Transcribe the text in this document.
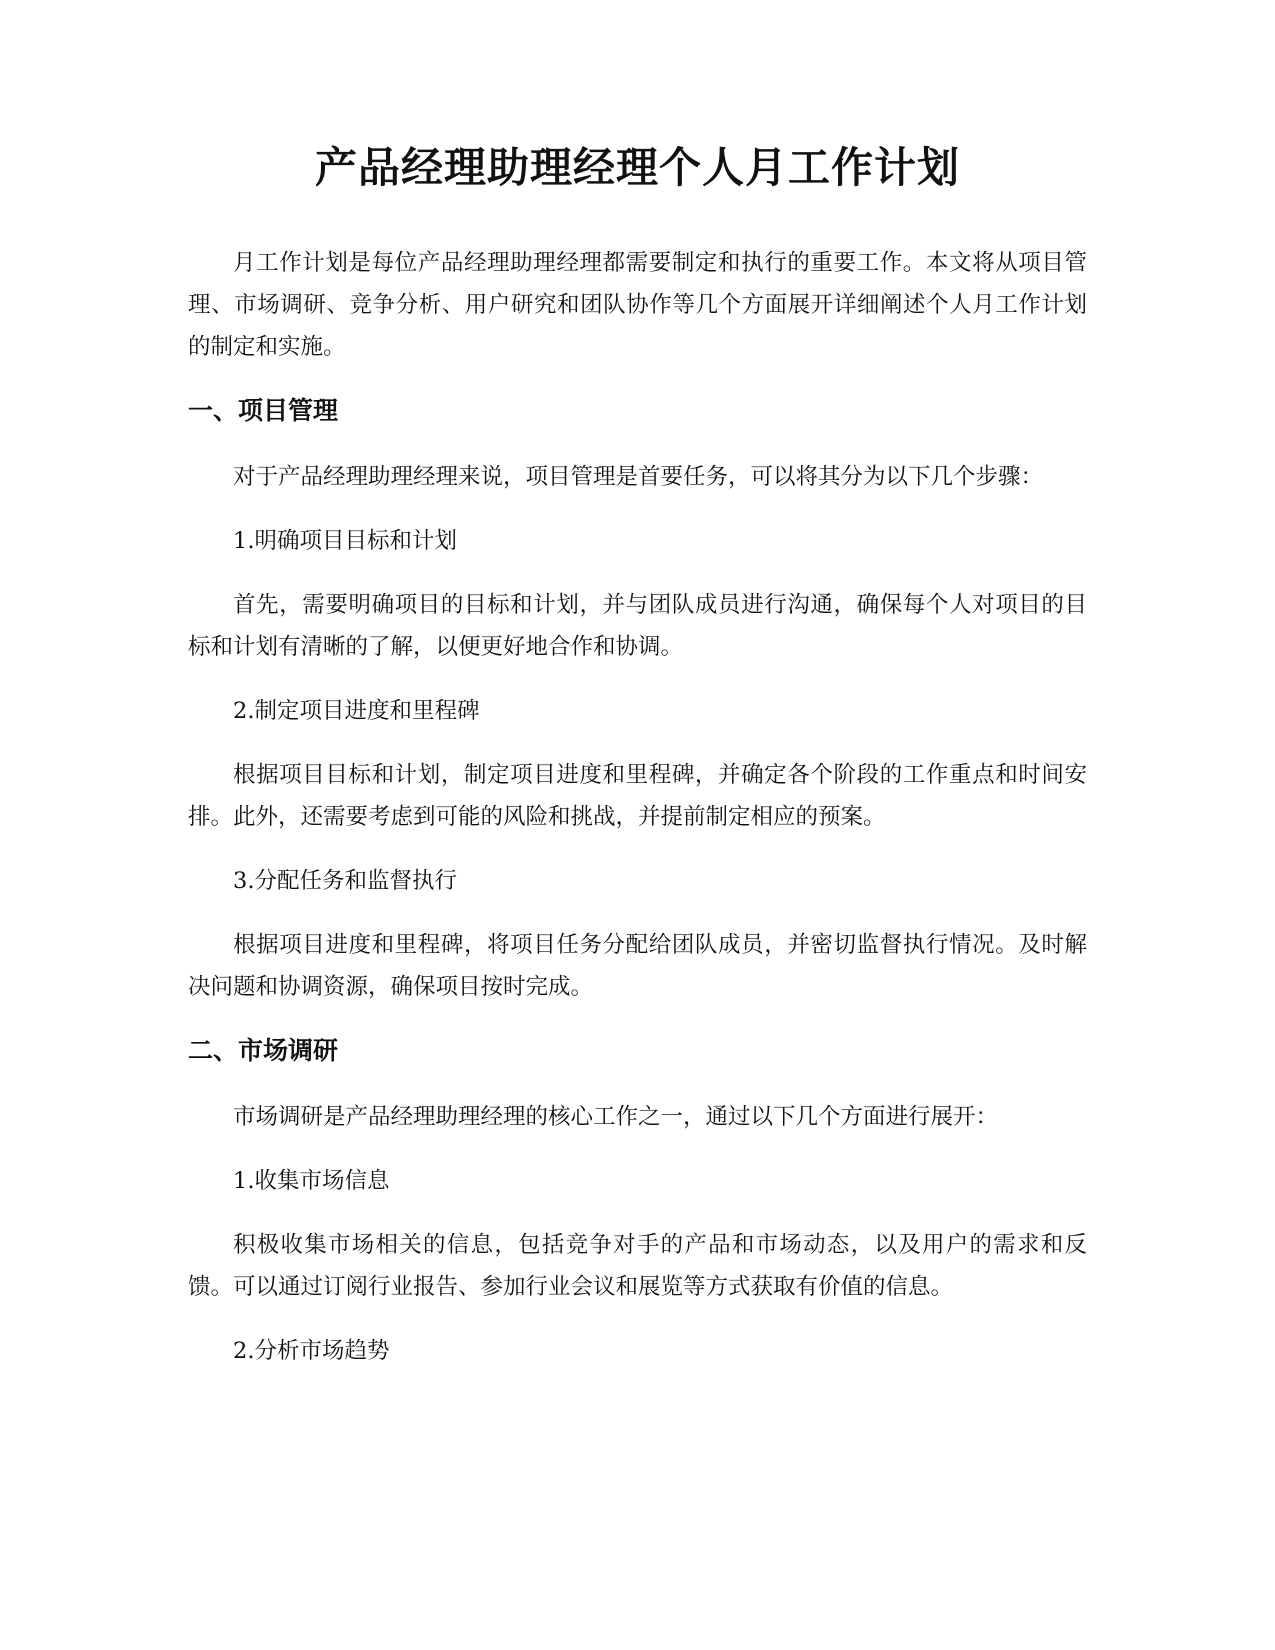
产品经理助理经理个人月工作计划

月工作计划是每位产品经理助理经理都需要制定和执行的重要工作。本文将从项目管理、市场调研、竞争分析、用户研究和团队协作等几个方面展开详细阐述个人月工作计划的制定和实施。

一、项目管理

对于产品经理助理经理来说，项目管理是首要任务，可以将其分为以下几个步骤：

1.明确项目目标和计划

首先，需要明确项目的目标和计划，并与团队成员进行沟通，确保每个人对项目的目标和计划有清晰的了解，以便更好地合作和协调。

2.制定项目进度和里程碑

根据项目目标和计划，制定项目进度和里程碑，并确定各个阶段的工作重点和时间安排。此外，还需要考虑到可能的风险和挑战，并提前制定相应的预案。

3.分配任务和监督执行

根据项目进度和里程碑，将项目任务分配给团队成员，并密切监督执行情况。及时解决问题和协调资源，确保项目按时完成。

二、市场调研

市场调研是产品经理助理经理的核心工作之一，通过以下几个方面进行展开：

1.收集市场信息

积极收集市场相关的信息，包括竞争对手的产品和市场动态，以及用户的需求和反馈。可以通过订阅行业报告、参加行业会议和展览等方式获取有价值的信息。

2.分析市场趋势
